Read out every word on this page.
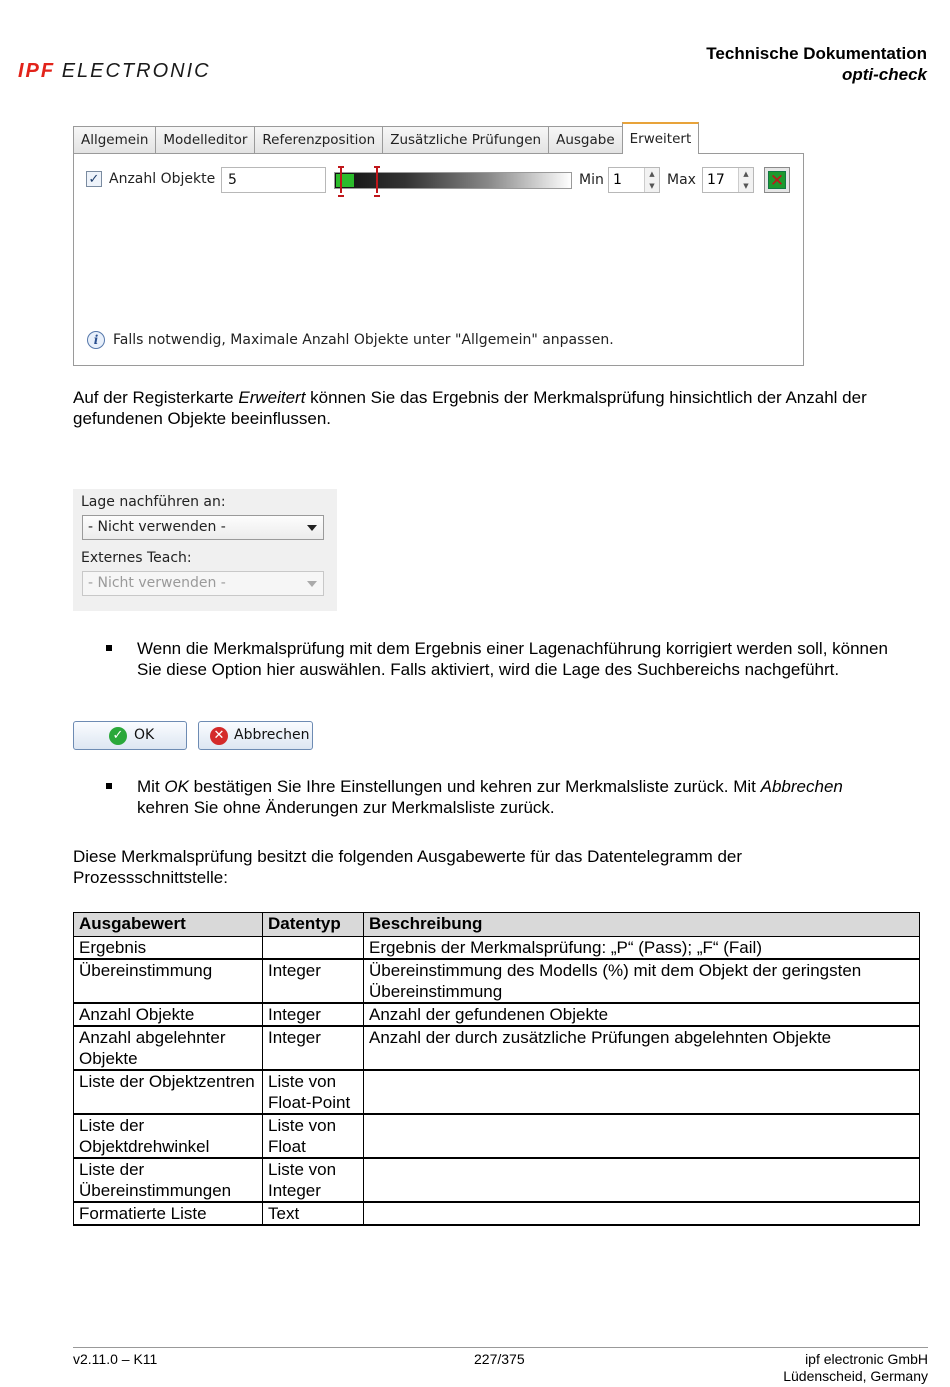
IPF ELECTRONIC
Technische Dokumentation
opti-check
Allgemein	Modelleditor	Referenzposition	Zusätzliche Prüfungen	Ausgabe	Erweitert
✓ Anzahl Objekte 5	Min 1	▲
▼ Max 17	▲
▼ ✕
i	Falls notwendig, Maximale Anzahl Objekte unter "Allgemein" anpassen.
Auf der Registerkarte Erweitert können Sie das Ergebnis der Merkmalsprüfung hinsichtlich der Anzahl der
gefundenen Objekte beeinflussen.
Lage nachführen an:
- Nicht verwenden -
Externes Teach:
- Nicht verwenden -
Wenn die Merkmalsprüfung mit dem Ergebnis einer Lagenachführung korrigiert werden soll, können
Sie diese Option hier auswählen. Falls aktiviert, wird die Lage des Suchbereichs nachgeführt.
✓ OK	✕ Abbrechen
Mit OK bestätigen Sie Ihre Einstellungen und kehren zur Merkmalsliste zurück. Mit Abbrechen
kehren Sie ohne Änderungen zur Merkmalsliste zurück.
Diese Merkmalsprüfung besitzt die folgenden Ausgabewerte für das Datentelegramm der
Prozessschnittstelle:
Ausgabewert	Datentyp	Beschreibung
Ergebnis		Ergebnis der Merkmalsprüfung: „P“ (Pass); „F“ (Fail)
Übereinstimmung	Integer	Übereinstimmung des Modells (%) mit dem Objekt der geringsten Übereinstimmung
Anzahl Objekte	Integer	Anzahl der gefundenen Objekte
Anzahl abgelehnter Objekte	Integer	Anzahl der durch zusätzliche Prüfungen abgelehnten Objekte
Liste der Objektzentren	Liste von Float-Point	
Liste der Objektdrehwinkel	Liste von Float	
Liste der Übereinstimmungen	Liste von Integer	
Formatierte Liste	Text	
v2.11.0 – K11	227/375	ipf electronic GmbH
Lüdenscheid, Germany
